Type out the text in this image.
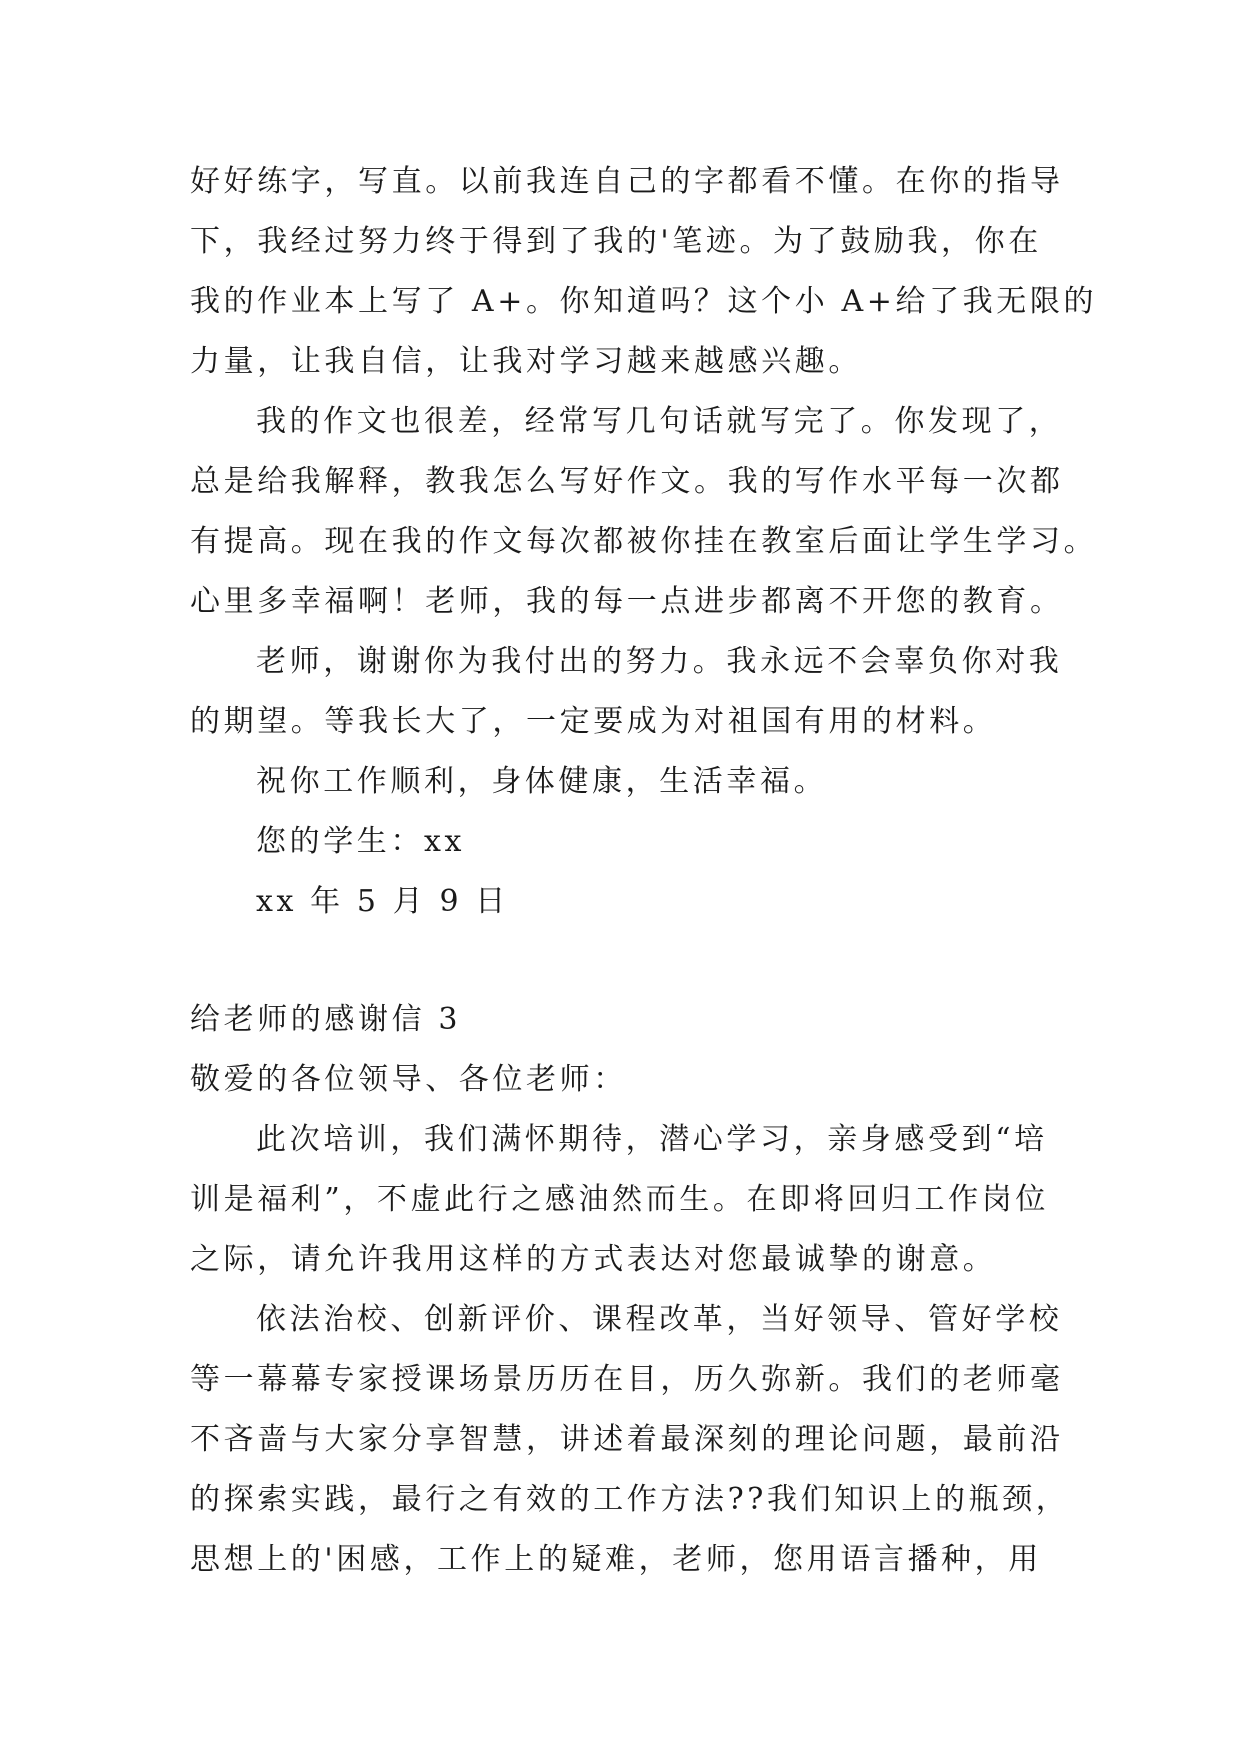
好好练字，写直。以前我连自己的字都看不懂。在你的指导

下，我经过努力终于得到了我的'笔迹。为了鼓励我，你在

我的作业本上写了 A+。你知道吗？这个小 A+给了我无限的

力量，让我自信，让我对学习越来越感兴趣。

我的作文也很差，经常写几句话就写完了。你发现了，

总是给我解释，教我怎么写好作文。我的写作水平每一次都

有提高。现在我的作文每次都被你挂在教室后面让学生学习。

心里多幸福啊！老师，我的每一点进步都离不开您的教育。

老师，谢谢你为我付出的努力。我永远不会辜负你对我

的期望。等我长大了，一定要成为对祖国有用的材料。

祝你工作顺利，身体健康，生活幸福。

您的学生：xx

xx 年 5 月 9 日

给老师的感谢信 3

敬爱的各位领导、各位老师：

此次培训，我们满怀期待，潜心学习，亲身感受到“培

训是福利”，不虚此行之感油然而生。在即将回归工作岗位

之际，请允许我用这样的方式表达对您最诚挚的谢意。

依法治校、创新评价、课程改革，当好领导、管好学校

等一幕幕专家授课场景历历在目，历久弥新。我们的老师毫

不吝啬与大家分享智慧，讲述着最深刻的理论问题，最前沿

的探索实践，最行之有效的工作方法??我们知识上的瓶颈，

思想上的'困感，工作上的疑难，老师，您用语言播种，用
